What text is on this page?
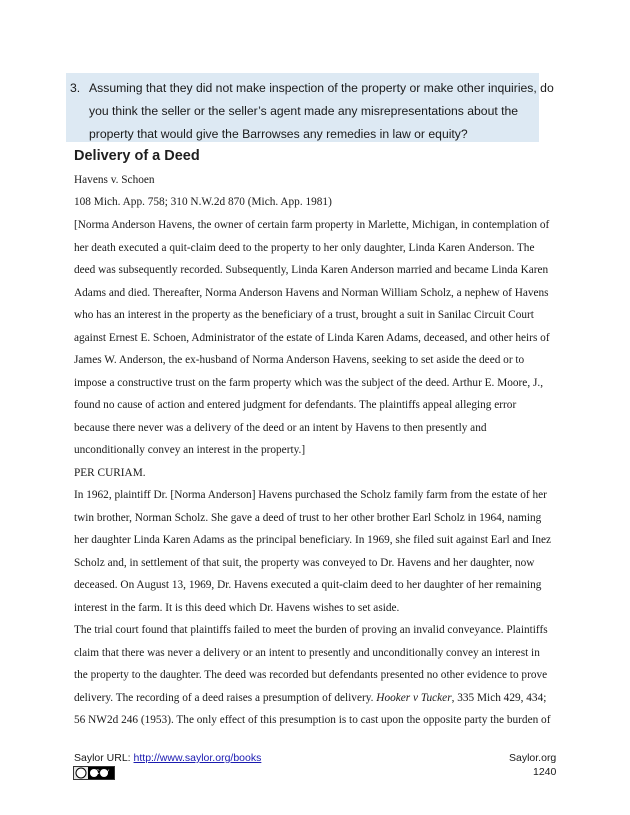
3. Assuming that they did not make inspection of the property or make other inquiries, do
you think the seller or the seller’s agent made any misrepresentations about the
property that would give the Barrowses any remedies in law or equity?
Delivery of a Deed
Havens v. Schoen
108 Mich. App. 758; 310 N.W.2d 870 (Mich. App. 1981)
[Norma Anderson Havens, the owner of certain farm property in Marlette, Michigan, in contemplation of
her death executed a quit-claim deed to the property to her only daughter, Linda Karen Anderson. The
deed was subsequently recorded. Subsequently, Linda Karen Anderson married and became Linda Karen
Adams and died. Thereafter, Norma Anderson Havens and Norman William Scholz, a nephew of Havens
who has an interest in the property as the beneficiary of a trust, brought a suit in Sanilac Circuit Court
against Ernest E. Schoen, Administrator of the estate of Linda Karen Adams, deceased, and other heirs of
James W. Anderson, the ex-husband of Norma Anderson Havens, seeking to set aside the deed or to
impose a constructive trust on the farm property which was the subject of the deed. Arthur E. Moore, J.,
found no cause of action and entered judgment for defendants. The plaintiffs appeal alleging error
because there never was a delivery of the deed or an intent by Havens to then presently and
unconditionally convey an interest in the property.]
PER CURIAM.
In 1962, plaintiff Dr. [Norma Anderson] Havens purchased the Scholz family farm from the estate of her
twin brother, Norman Scholz. She gave a deed of trust to her other brother Earl Scholz in 1964, naming
her daughter Linda Karen Adams as the principal beneficiary. In 1969, she filed suit against Earl and Inez
Scholz and, in settlement of that suit, the property was conveyed to Dr. Havens and her daughter, now
deceased. On August 13, 1969, Dr. Havens executed a quit-claim deed to her daughter of her remaining
interest in the farm. It is this deed which Dr. Havens wishes to set aside.
The trial court found that plaintiffs failed to meet the burden of proving an invalid conveyance. Plaintiffs
claim that there was never a delivery or an intent to presently and unconditionally convey an interest in
the property to the daughter. The deed was recorded but defendants presented no other evidence to prove
delivery. The recording of a deed raises a presumption of delivery. Hooker v Tucker, 335 Mich 429, 434;
56 NW2d 246 (1953). The only effect of this presumption is to cast upon the opposite party the burden of
Saylor URL: http://www.saylor.org/books	Saylor.org
1240
CC BY
